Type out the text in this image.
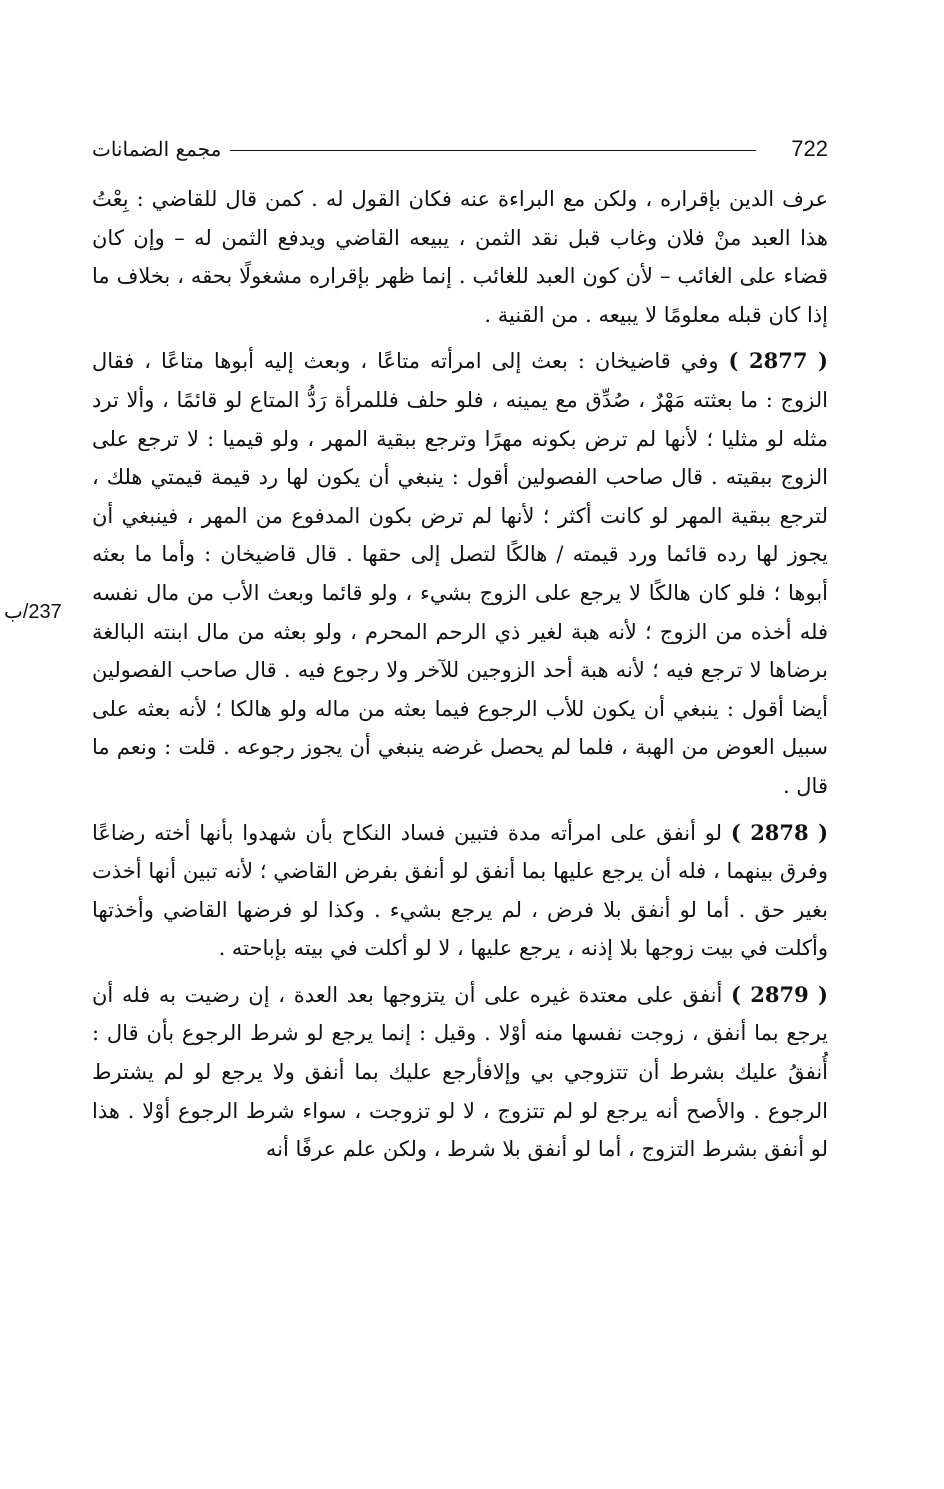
722
مجمع الضمانات
237/ب

عرف الدين بإقراره ، ولكن مع البراءة عنه فكان القول له . كمن قال للقاضي : بِعْتُ هذا العبد منْ فلان وغاب قبل نقد الثمن ، يبيعه القاضي ويدفع الثمن له – وإن كان قضاء على الغائب – لأن كون العبد للغائب . إنما ظهر بإقراره مشغولًا بحقه ، بخلاف ما إذا كان قبله معلومًا لا يبيعه . من القنية .

( 2877 ) وفي قاضيخان : بعث إلى امرأته متاعًا ، وبعث إليه أبوها متاعًا ، فقال الزوج : ما بعثته مَهْرٌ ، صُدِّق مع يمينه ، فلو حلف فللمرأة رَدُّ المتاع لو قائمًا ، وألا ترد مثله لو مثليا ؛ لأنها لم ترض بكونه مهرًا وترجع ببقية المهر ، ولو قيميا : لا ترجع على الزوج ببقيته . قال صاحب الفصولين أقول : ينبغي أن يكون لها رد قيمة قيمتي هلك ، لترجع ببقية المهر لو كانت أكثر ؛ لأنها لم ترض بكون المدفوع من المهر ، فينبغي أن يجوز لها رده قائما ورد قيمته / هالكًا لتصل إلى حقها . قال قاضيخان : وأما ما بعثه أبوها ؛ فلو كان هالكًا لا يرجع على الزوج بشيء ، ولو قائما وبعث الأب من مال نفسه فله أخذه من الزوج ؛ لأنه هبة لغير ذي الرحم المحرم ، ولو بعثه من مال ابنته البالغة برضاها لا ترجع فيه ؛ لأنه هبة أحد الزوجين للآخر ولا رجوع فيه . قال صاحب الفصولين أيضا أقول : ينبغي أن يكون للأب الرجوع فيما بعثه من ماله ولو هالكا ؛ لأنه بعثه على سبيل العوض من الهبة ، فلما لم يحصل غرضه ينبغي أن يجوز رجوعه . قلت : ونعم ما قال .

( 2878 ) لو أنفق على امرأته مدة فتبين فساد النكاح بأن شهدوا بأنها أخته رضاعًا وفرق بينهما ، فله أن يرجع عليها بما أنفق لو أنفق بفرض القاضي ؛ لأنه تبين أنها أخذت بغير حق . أما لو أنفق بلا فرض ، لم يرجع بشيء . وكذا لو فرضها القاضي وأخذتها وأكلت في بيت زوجها بلا إذنه ، يرجع عليها ، لا لو أكلت في بيته بإباحته .

( 2879 ) أنفق على معتدة غيره على أن يتزوجها بعد العدة ، إن رضيت به فله أن يرجع بما أنفق ، زوجت نفسها منه أوْلا . وقيل : إنما يرجع لو شرط الرجوع بأن قال : أُنفقُ عليك بشرط أن تتزوجي بي وإلافأرجع عليك بما أنفق ولا يرجع لو لم يشترط الرجوع . والأصح أنه يرجع لو لم تتزوج ، لا لو تزوجت ، سواء شرط الرجوع أوْلا . هذا لو أنفق بشرط التزوج ، أما لو أنفق بلا شرط ، ولكن علم عرفًا أنه
